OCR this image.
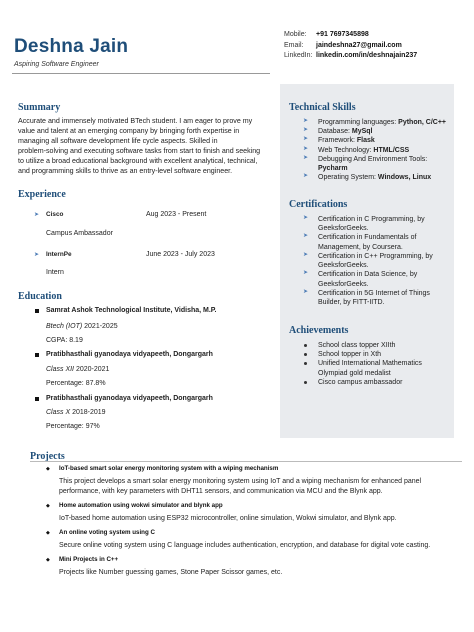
Deshna Jain
Aspiring Software Engineer
Mobile:	+91 7697345898
Email:	jaindeshna27@gmail.com
LinkedIn: linkedin.com/in/deshnajain237
Summary
Accurate and immensely motivated BTech student. I am eager to prove my
value and talent at an emerging company by bringing forth expertise in
managing all software development life cycle aspects. Skilled in
problem-solving and executing software tasks from start to finish and seeking
to utilize a broad educational background with excellent analytical, technical,
and programming skills to thrive as an entry-level software engineer.
Experience
➤ Cisco	Aug 2023 - Present
Campus Ambassador
➤ InternPe	June 2023 - July 2023
Intern
Education
Samrat Ashok Technological Institute, Vidisha, M.P.
Btech (IOT) 2021-2025
CGPA: 8.19
Pratibhasthali gyanodaya vidyapeeth, Dongargarh
Class XII 2020-2021
Percentage: 87.8%
Pratibhasthali gyanodaya vidyapeeth, Dongargarh
Class X 2018-2019
Percentage: 97%
Technical Skills
➤ Programming languages: Python, C/C++
➤ Database: MySql
➤ Framework: Flask
➤ Web Technology: HTML/CSS
➤ Debugging And Environment Tools:
Pycharm
➤ Operating System: Windows, Linux
Certifications
➤ Certification in C Programming, by
GeeksforGeeks.
➤ Certification in Fundamentals of
Management, by Coursera.
➤ Certification in C++ Programming, by
GeeksforGeeks.
➤ Certification in Data Science, by
GeeksforGeeks.
➤ Certification in 5G Internet of Things
Builder, by FITT-IITD.
Achievements
School class topper XIIth
School topper in Xth
Unified International Mathematics
Olympiad gold medalist
Cisco campus ambassador
Projects
◆ IoT-based smart solar energy monitoring system with a wiping mechanism
This project develops a smart solar energy monitoring system using IoT and a wiping mechanism for enhanced panel
performance, with key parameters with DHT11 sensors, and communication via MCU and the Blynk app.
◆ Home automation using wokwi simulator and blynk app
IoT-based home automation using ESP32 microcontroller, online simulation, Wokwi simulator, and Blynk app.
◆ An online voting system using C
Secure online voting system using C language includes authentication, encryption, and database for digital vote casting.
◆ Mini Projects in C++
Projects like Number guessing games, Stone Paper Scissor games, etc.
